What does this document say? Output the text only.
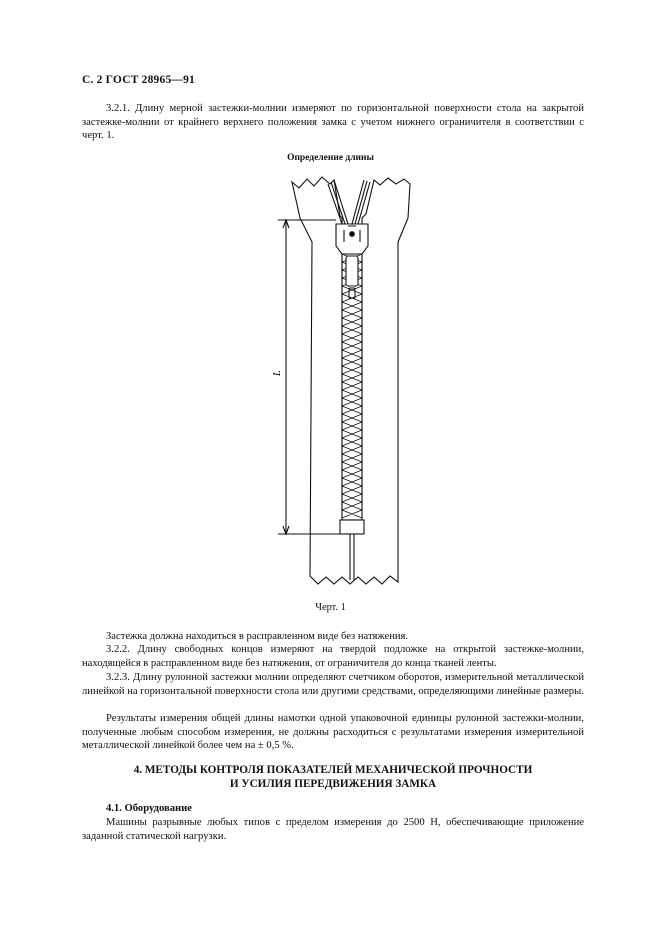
С. 2 ГОСТ 28965—91
3.2.1. Длину мерной застежки-молнии измеряют по горизонтальной поверхности стола на закрытой застежке-молнии от крайнего верхнего положения замка с учетом нижнего ограничителя в соответствии с черт. 1.
Определение длины
L
Черт. 1
Застежка должна находиться в расправленном виде без натяжения.
3.2.2. Длину свободных концов измеряют на твердой подложке на открытой застежке-молнии, находящейся в расправленном виде без натяжения, от ограничителя до конца тканей ленты.
3.2.3. Длину рулонной застежки молнии определяют счетчиком оборотов, измерительной металлической линейкой на горизонтальной поверхности стола или другими средствами, определяющими линейные размеры.
Результаты измерения общей длины намотки одной упаковочной единицы рулонной застежки-молнии, полученные любым способом измерения, не должны расходиться с результатами измерения измерительной металлической линейкой более чем на ± 0,5 %.
4. МЕТОДЫ КОНТРОЛЯ ПОКАЗАТЕЛЕЙ МЕХАНИЧЕСКОЙ ПРОЧНОСТИ
И УСИЛИЯ ПЕРЕДВИЖЕНИЯ ЗАМКА
4.1. Оборудование
Машины разрывные любых типов с пределом измерения до 2500 Н, обеспечивающие приложение заданной статической нагрузки.
